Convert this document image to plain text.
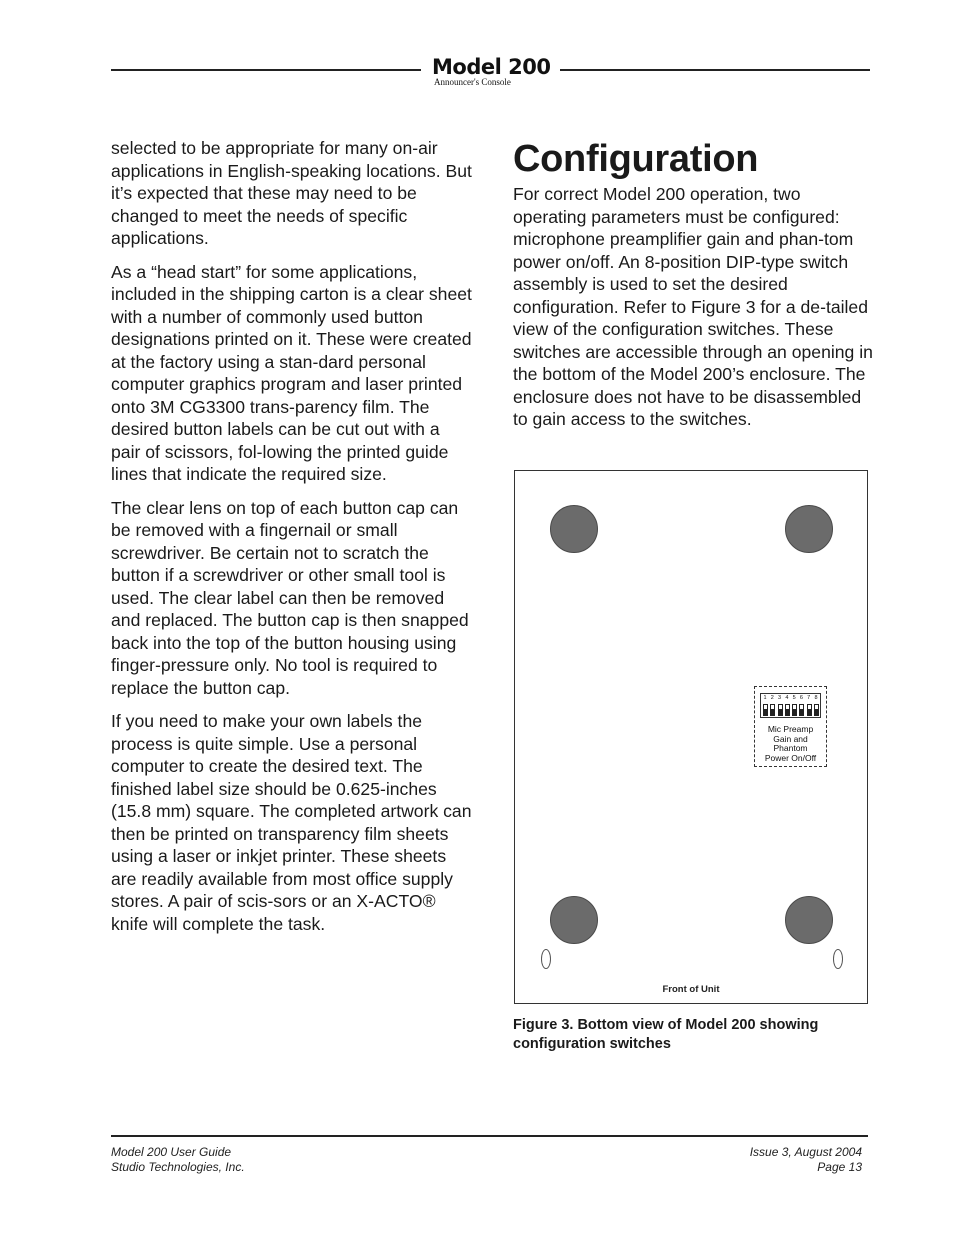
Model 200
Announcer's Console

selected to be appropriate for many on-air applications in English-speaking locations. But it’s expected that these may need to be changed to meet the needs of specific applications.

As a “head start” for some applications, included in the shipping carton is a clear sheet with a number of commonly used button designations printed on it. These were created at the factory using a stan-dard personal computer graphics program and laser printed onto 3M CG3300 trans-parency film. The desired button labels can be cut out with a pair of scissors, fol-lowing the printed guide lines that indicate the required size.

The clear lens on top of each button cap can be removed with a fingernail or small screwdriver. Be certain not to scratch the button if a screwdriver or other small tool is used. The clear label can then be removed and replaced. The button cap is then snapped back into the top of the button housing using finger-pressure only. No tool is required to replace the button cap.

If you need to make your own labels the process is quite simple. Use a personal computer to create the desired text. The finished label size should be 0.625-inches (15.8 mm) square. The completed artwork can then be printed on transparency film sheets using a laser or inkjet printer. These sheets are readily available from most office supply stores. A pair of scis-sors or an X-ACTO® knife will complete the task.

Configuration

For correct Model 200 operation, two operating parameters must be configured: microphone preamplifier gain and phan-tom power on/off. An 8-position DIP-type switch assembly is used to set the desired configuration. Refer to Figure 3 for a de-tailed view of the configuration switches. These switches are accessible through an opening in the bottom of the Model 200’s enclosure. The enclosure does not have to be disassembled to gain access to the switches.

1 2 3 4 5 6 7 8
Mic Preamp
Gain and
Phantom
Power On/Off
Front of Unit
Figure 3. Bottom view of Model 200 showing
configuration switches
Model 200 User Guide
Studio Technologies, Inc.
Issue 3, August 2004
Page 13
